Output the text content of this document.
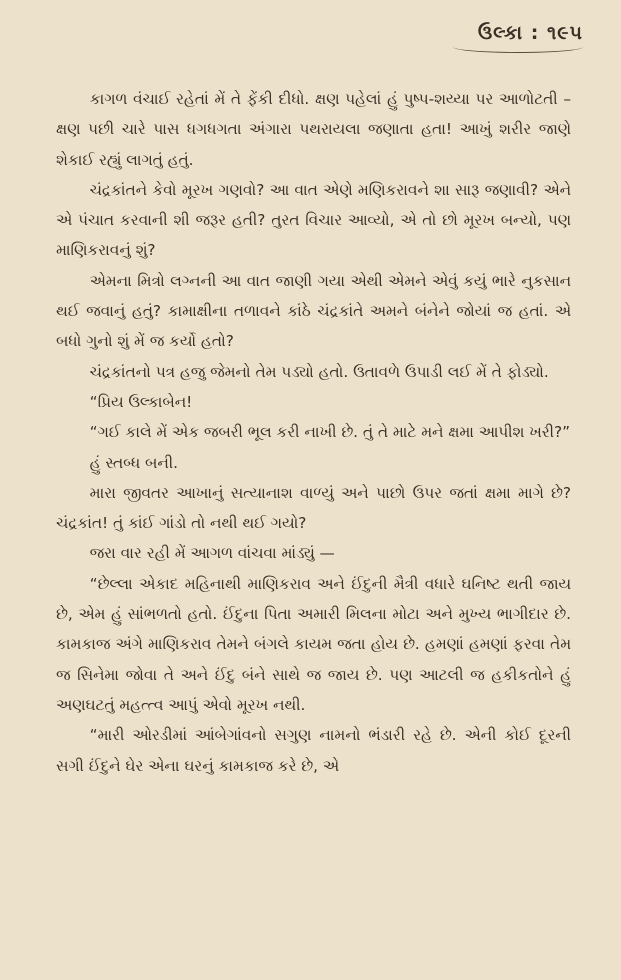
ઉલ્કા : ૧૯૫

કાગળ વંચાઈ રહેતાં મેં તે ફેંકી દીધો. ક્ષણ પહેલાં હું પુષ્પ-શય્યા પર આળોટતી – ક્ષણ પછી ચારે પાસ ધગધગતા અંગારા પથરાયલા જણાતા હતા! આખું શરીર જાણે શેકાઈ રહ્યું લાગતું હતું.

ચંદ્રકાંતને કેવો મૂરખ ગણવો? આ વાત એણે મણિકરાવને શા સારૂ જણાવી? એને એ પંચાત કરવાની શી જરૂર હતી? તુરત વિચાર આવ્યો, એ તો છો મૂરખ બન્યો, પણ માણિકરાવનું શું?

એમના મિત્રો લગ્નની આ વાત જાણી ગયા એથી એમને એવું કયું ભારે નુકસાન થઈ જવાનું હતું? કામાક્ષીના તળાવને કાંઠે ચંદ્રકાંતે અમને બંનેને જોયાં જ હતાં. એ બધો ગુનો શું મેં જ કર્યો હતો?

ચંદ્રકાંતનો પત્ર હજુ જેમનો તેમ પડ્યો હતો. ઉતાવળે ઉપાડી લઈ મેં તે ફોડ્યો.

“પ્રિય ઉલ્કાબેન!

“ગઈ કાલે મેં એક જબરી ભૂલ કરી નાખી છે. તું તે માટે મને ક્ષમા આપીશ ખરી?”

હું સ્તબ્ધ બની.

મારા જીવતર આખાનું સત્યાનાશ વાળ્યું અને પાછો ઉપર જતાં ક્ષમા માગે છે? ચંદ્રકાંત! તું કાંઈ ગાંડો તો નથી થઈ ગયો?

જરા વાર રહી મેં આગળ વાંચવા માંડ્યું —

“છેલ્લા એકાદ મહિનાથી માણિકરાવ અને ઈંદુની મૈત્રી વધારે ઘનિષ્ટ થતી જાય છે, એમ હું સાંભળતો હતો. ઈંદુના પિતા અમારી મિલના મોટા અને મુખ્ય ભાગીદાર છે. કામકાજ અંગે માણિકરાવ તેમને બંગલે કાયમ જતા હોય છે. હમણાં હમણાં ફરવા તેમ જ સિનેમા જોવા તે અને ઈંદુ બંને સાથે જ જાય છે. પણ આટલી જ હકીકતોને હું અણઘટતું મહત્ત્વ આપું એવો મૂરખ નથી.

“મારી ઓરડીમાં આંબેગાંવનો સગુણ નામનો ભંડારી રહે છે. એની કોઈ દૂરની સગી ઈંદુને ઘેર એના ઘરનું કામકાજ કરે છે, એ
